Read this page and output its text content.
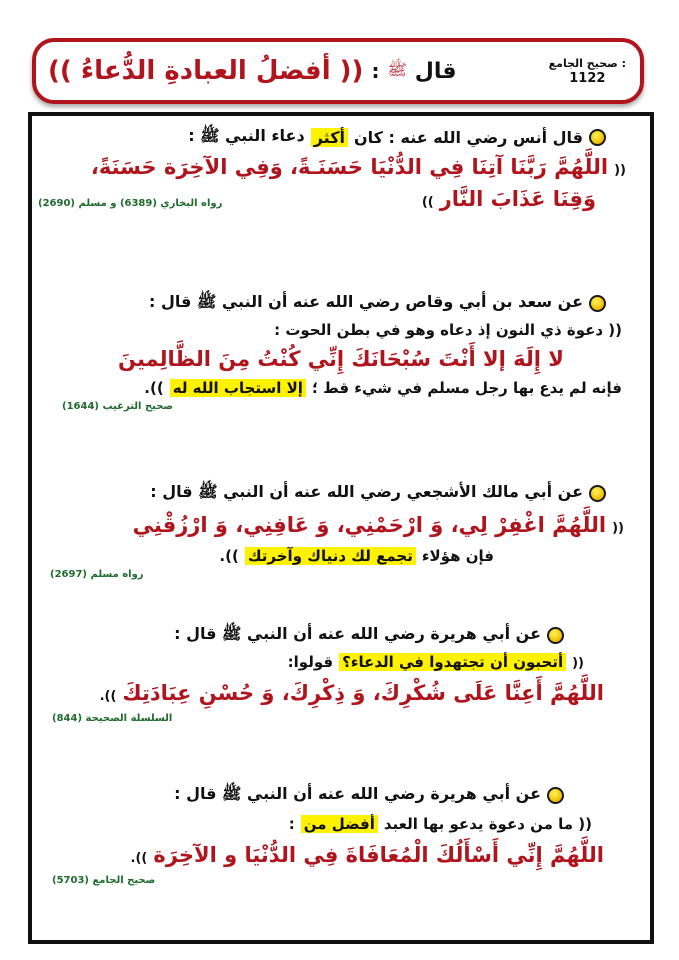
قال
ﷺ
:
(( أفضلُ العبادةِ الدُّعاءُ ))	صحيح الجامع :
1122
قال أنس رضي الله عنه : كان
أكثر
دعاء النبي ﷺ :
((
اللَّهُمَّ رَبَّنَا آتِنَا فِي الدُّنْيَا حَسَنَـةً، وَفِي الآخِرَة حَسَنَةً،
وَقِنَا عَذَابَ النَّار
))
رواه البخاري (6389) و مسلم (2690)
عن سعد بن أبي وقاص رضي الله عنه أن النبي ﷺ قال :
(( دعوة ذي النون إذ دعاه وهو في بطن الحوت :
لا إِلَهَ إلا أَنْتَ سُبْحَانَكَ إِنِّي كُنْتُ مِنَ الظَّالِمينَ
فإنه لم يدع بها رجل مسلم في شيء قط ؛
إلا استجاب الله له
)).
صحيح الترغيب (1644)
عن أبي مالك الأشجعي رضي الله عنه أن النبي ﷺ قال :
((
اللَّهُمَّ اغْفِرْ لِي، وَ ارْحَمْنِي، وَ عَافِنِي، وَ ارْزُقْنِي
فإن هؤلاء
تجمع لك دنياك وآخرتك
)).
رواه مسلم (2697)
عن أبي هريرة رضي الله عنه أن النبي ﷺ قال :
((
أتحبون أن تجتهدوا في الدعاء؟
قولوا:
اللَّهُمَّ أَعِنَّا عَلَى شُكْرِكَ، وَ ذِكْرِكَ، وَ حُسْنِ عِبَادَتِكَ
)).
السلسلة الصحيحة (844)
عن أبي هريرة رضي الله عنه أن النبي ﷺ قال :
(( ما من دعوة يدعو بها العبد
أفضل من
:
اللَّهُمَّ إِنِّي أَسْأَلُكَ الْمُعَافَاةَ فِي الدُّنْيَا و الآخِرَة
)).
صحيح الجامع (5703)
